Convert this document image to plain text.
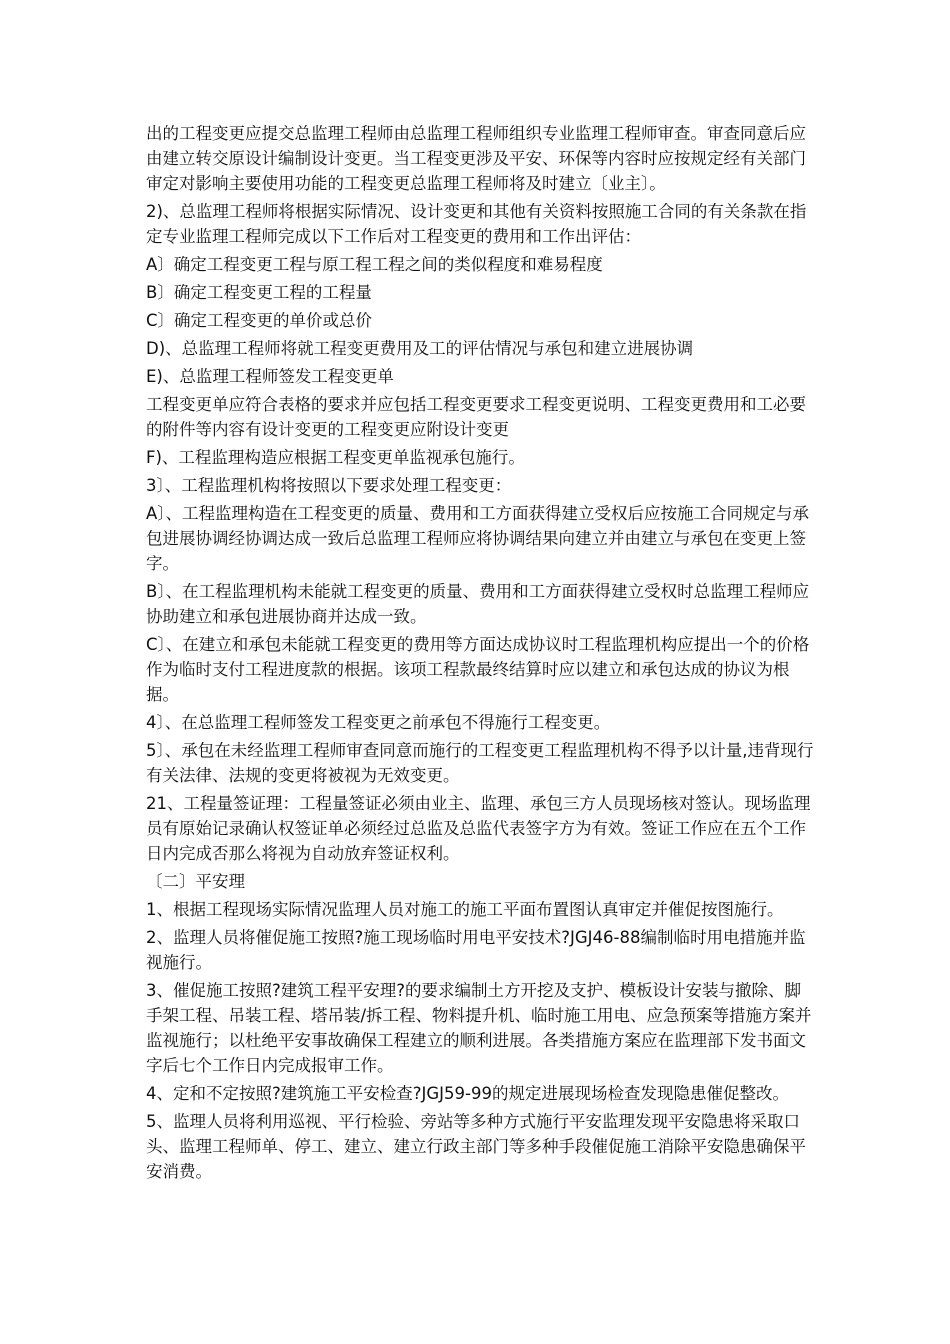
出的工程变更应提交总监理工程师由总监理工程师组织专业监理工程师审查。审查同意后应由建立转交原设计编制设计变更。当工程变更涉及平安、环保等内容时应按规定经有关部门审定对影响主要使用功能的工程变更总监理工程师将及时建立〔业主〕。

2)、总监理工程师将根据实际情况、设计变更和其他有关资料按照施工合同的有关条款在指定专业监理工程师完成以下工作后对工程变更的费用和工作出评估：

A〕确定工程变更工程与原工程工程之间的类似程度和难易程度

B〕确定工程变更工程的工程量

C〕确定工程变更的单价或总价

D)、总监理工程师将就工程变更费用及工的评估情况与承包和建立进展协调

E)、总监理工程师签发工程变更单

工程变更单应符合表格的要求并应包括工程变更要求工程变更说明、工程变更费用和工必要的附件等内容有设计变更的工程变更应附设计变更

F)、工程监理构造应根据工程变更单监视承包施行。

3〕、工程监理机构将按照以下要求处理工程变更：

A〕、工程监理构造在工程变更的质量、费用和工方面获得建立受权后应按施工合同规定与承包进展协调经协调达成一致后总监理工程师应将协调结果向建立并由建立与承包在变更上签字。

B〕、在工程监理机构未能就工程变更的质量、费用和工方面获得建立受权时总监理工程师应协助建立和承包进展协商并达成一致。

C〕、在建立和承包未能就工程变更的费用等方面达成协议时工程监理机构应提出一个的价格作为临时支付工程进度款的根据。该项工程款最终结算时应以建立和承包达成的协议为根据。

4〕、在总监理工程师签发工程变更之前承包不得施行工程变更。

5〕、承包在未经监理工程师审查同意而施行的工程变更工程监理机构不得予以计量,违背现行有关法律、法规的变更将被视为无效变更。

21、工程量签证理：工程量签证必须由业主、监理、承包三方人员现场核对签认。现场监理员有原始记录确认权签证单必须经过总监及总监代表签字方为有效。签证工作应在五个工作日内完成否那么将视为自动放弃签证权利。

〔二〕平安理

1、根据工程现场实际情况监理人员对施工的施工平面布置图认真审定并催促按图施行。

2、监理人员将催促施工按照?施工现场临时用电平安技术?JGJ46-88编制临时用电措施并监视施行。

3、催促施工按照?建筑工程平安理?的要求编制土方开挖及支护、模板设计安装与撤除、脚手架工程、吊装工程、塔吊装/拆工程、物料提升机、临时施工用电、应急预案等措施方案并监视施行；以杜绝平安事故确保工程建立的顺利进展。各类措施方案应在监理部下发书面文字后七个工作日内完成报审工作。

4、定和不定按照?建筑施工平安检查?JGJ59-99的规定进展现场检查发现隐患催促整改。

5、监理人员将利用巡视、平行检验、旁站等多种方式施行平安监理发现平安隐患将采取口头、监理工程师单、停工、建立、建立行政主部门等多种手段催促施工消除平安隐患确保平安消费。
